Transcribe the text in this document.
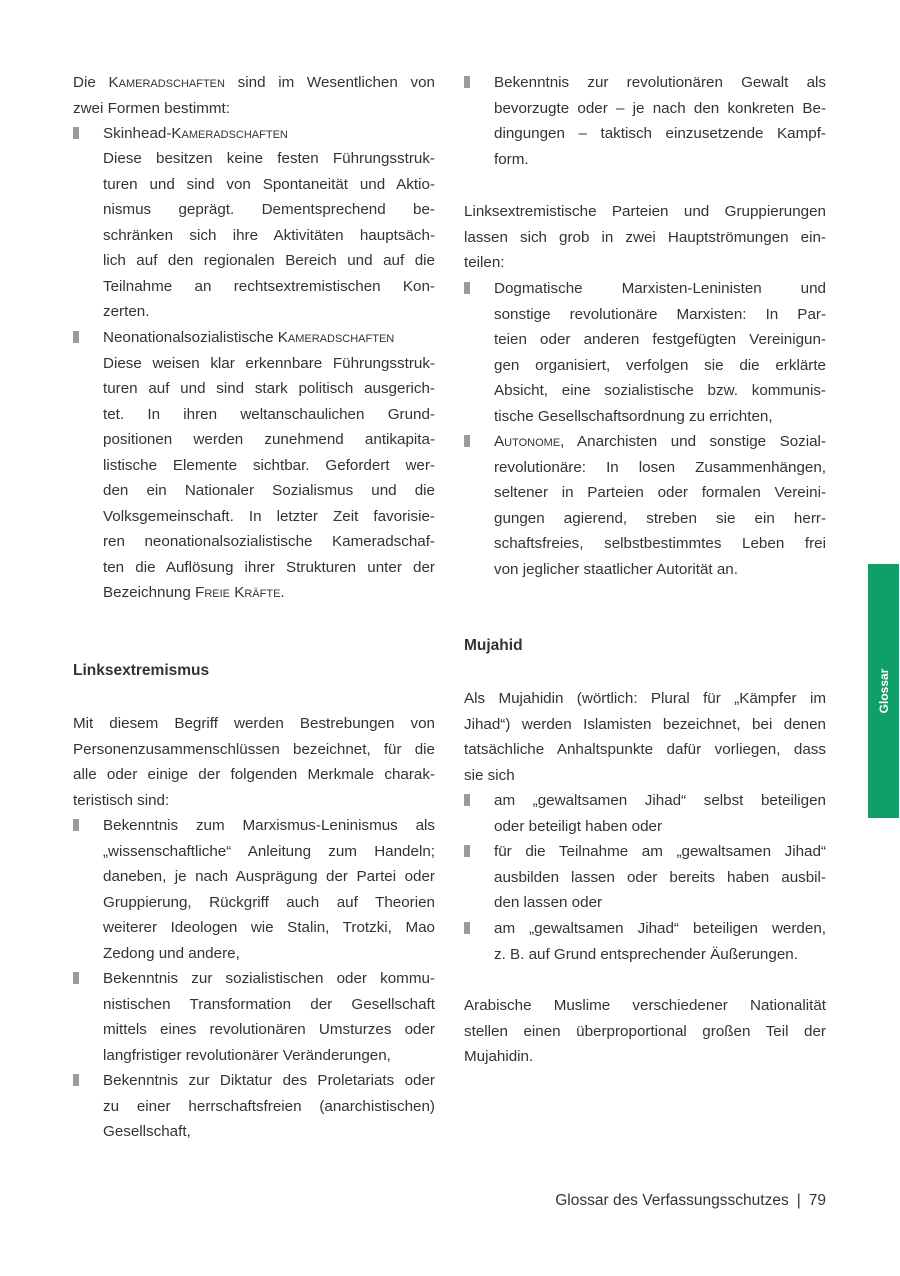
Die Kameradschaften sind im Wesentlichen von
zwei Formen bestimmt:
Skinhead-Kameradschaften
Diese besitzen keine festen Führungsstruk-
turen und sind von Spontaneität und Aktio-
nismus geprägt. Dementsprechend be-
schränken sich ihre Aktivitäten hauptsäch-
lich auf den regionalen Bereich und auf die
Teilnahme an rechtsextremistischen Kon-
zerten.
Neonationalsozialistische Kameradschaften
Diese weisen klar erkennbare Führungsstruk-
turen auf und sind stark politisch ausgerich-
tet. In ihren weltanschaulichen Grund-
positionen werden zunehmend antikapita-
listische Elemente sichtbar. Gefordert wer-
den ein Nationaler Sozialismus und die
Volksgemeinschaft. In letzter Zeit favorisie-
ren neonationalsozialistische Kameradschaf-
ten die Auflösung ihrer Strukturen unter der
Bezeichnung Freie Kräfte.
Linksextremismus
Mit diesem Begriff werden Bestrebungen von
Personenzusammenschlüssen bezeichnet, für die
alle oder einige der folgenden Merkmale charak-
teristisch sind:
Bekenntnis zum Marxismus-Leninismus als
„wissenschaftliche“ Anleitung zum Handeln;
daneben, je nach Ausprägung der Partei oder
Gruppierung, Rückgriff auch auf Theorien
weiterer Ideologen wie Stalin, Trotzki, Mao
Zedong und andere,
Bekenntnis zur sozialistischen oder kommu-
nistischen Transformation der Gesellschaft
mittels eines revolutionären Umsturzes oder
langfristiger revolutionärer Veränderungen,
Bekenntnis zur Diktatur des Proletariats oder
zu einer herrschaftsfreien (anarchistischen)
Gesellschaft,
Bekenntnis zur revolutionären Gewalt als
bevorzugte oder – je nach den konkreten Be-
dingungen – taktisch einzusetzende Kampf-
form.
Linksextremistische Parteien und Gruppierungen
lassen sich grob in zwei Hauptströmungen ein-
teilen:
Dogmatische Marxisten-Leninisten und
sonstige revolutionäre Marxisten: In Par-
teien oder anderen festgefügten Vereinigun-
gen organisiert, verfolgen sie die erklärte
Absicht, eine sozialistische bzw. kommunis-
tische Gesellschaftsordnung zu errichten,
Autonome, Anarchisten und sonstige Sozial-
revolutionäre: In losen Zusammenhängen,
seltener in Parteien oder formalen Vereini-
gungen agierend, streben sie ein herr-
schaftsfreies, selbstbestimmtes Leben frei
von jeglicher staatlicher Autorität an.
Mujahid
Als Mujahidin (wörtlich: Plural für „Kämpfer im
Jihad“) werden Islamisten bezeichnet, bei denen
tatsächliche Anhaltspunkte dafür vorliegen, dass
sie sich
am „gewaltsamen Jihad“ selbst beteiligen
oder beteiligt haben oder
für die Teilnahme am „gewaltsamen Jihad“
ausbilden lassen oder bereits haben ausbil-
den lassen oder
am „gewaltsamen Jihad“ beteiligen werden,
z. B. auf Grund entsprechender Äußerungen.
Arabische Muslime verschiedener Nationalität
stellen einen überproportional großen Teil der
Mujahidin.
Glossar
Glossar des Verfassungsschutzes | 79
